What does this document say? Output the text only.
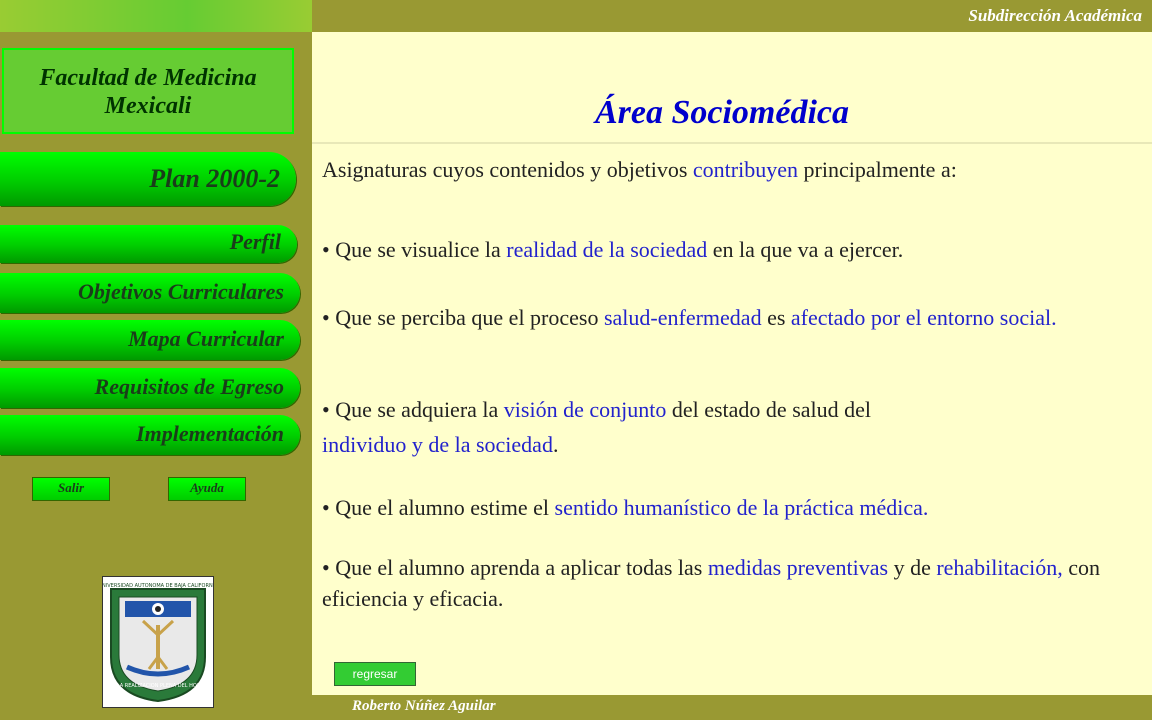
Subdirección Académica
Facultad de Medicina
Mexicali
Plan 2000-2
Perfil
Objetivos Curriculares
Mapa Curricular
Requisitos de Egreso
Implementación
Salir	Ayuda
UNIVERSIDAD AUTONOMA DE BAJA CALIFORNIA
POR LA REALIZACION PLENA DEL HOMBRE
Roberto Núñez Aguilar
Área Sociomédica
Asignaturas cuyos contenidos y objetivos contribuyen principalmente a:
• Que se visualice la realidad de la sociedad en la que va a ejercer.
• Que se perciba que el proceso salud-enfermedad es afectado por el entorno social.
• Que se adquiera la visión de conjunto del estado de salud del
individuo y de la sociedad.
• Que el alumno estime el sentido humanístico de la práctica médica.
• Que el alumno aprenda a aplicar todas las medidas preventivas y de rehabilitación, con eficiencia y eficacia.
regresar
